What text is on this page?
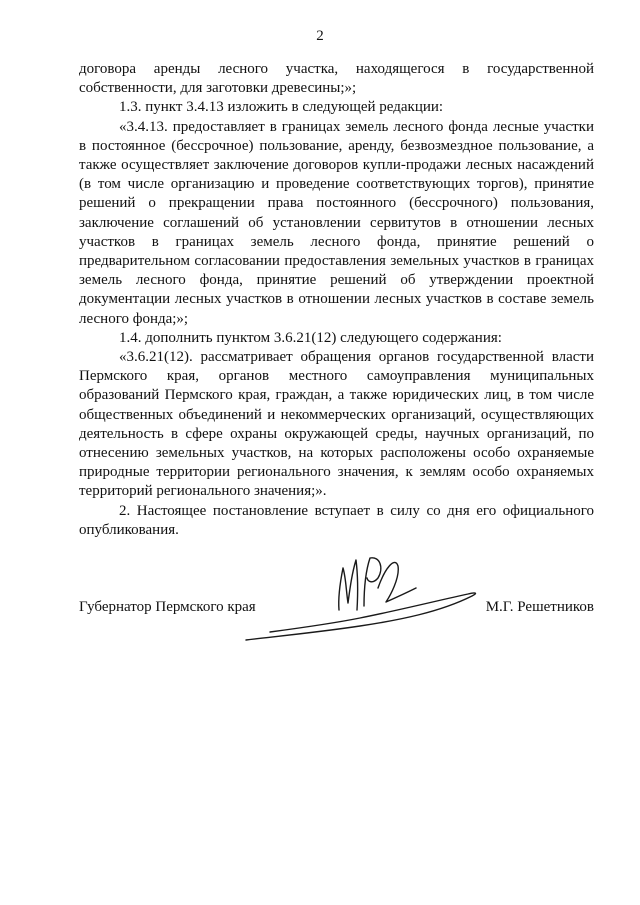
2

договора аренды лесного участка, находящегося в государственной собственности, для заготовки древесины;»;

1.3. пункт 3.4.13 изложить в следующей редакции:

«3.4.13. предоставляет в границах земель лесного фонда лесные участки в постоянное (бессрочное) пользование, аренду, безвозмездное пользование, а также осуществляет заключение договоров купли-продажи лесных насаждений (в том числе организацию и проведение соответствующих торгов), принятие решений о прекращении права постоянного (бессрочного) пользования, заключение соглашений об установлении сервитутов в отношении лесных участков в границах земель лесного фонда, принятие решений о предварительном согласовании предоставления земельных участков в границах земель лесного фонда, принятие решений об утверждении проектной документации лесных участков в отношении лесных участков в составе земель лесного фонда;»;

1.4. дополнить пунктом 3.6.21(12) следующего содержания:

«3.6.21(12). рассматривает обращения органов государственной власти Пермского края, органов местного самоуправления муниципальных образований Пермского края, граждан, а также юридических лиц, в том числе общественных объединений и некоммерческих организаций, осуществляющих деятельность в сфере охраны окружающей среды, научных организаций, по отнесению земельных участков, на которых расположены особо охраняемые природные территории регионального значения, к землям особо охраняемых территорий регионального значения;».

2. Настоящее постановление вступает в силу со дня его официального опубликования.

Губернатор Пермского края	М.Г. Решетников
